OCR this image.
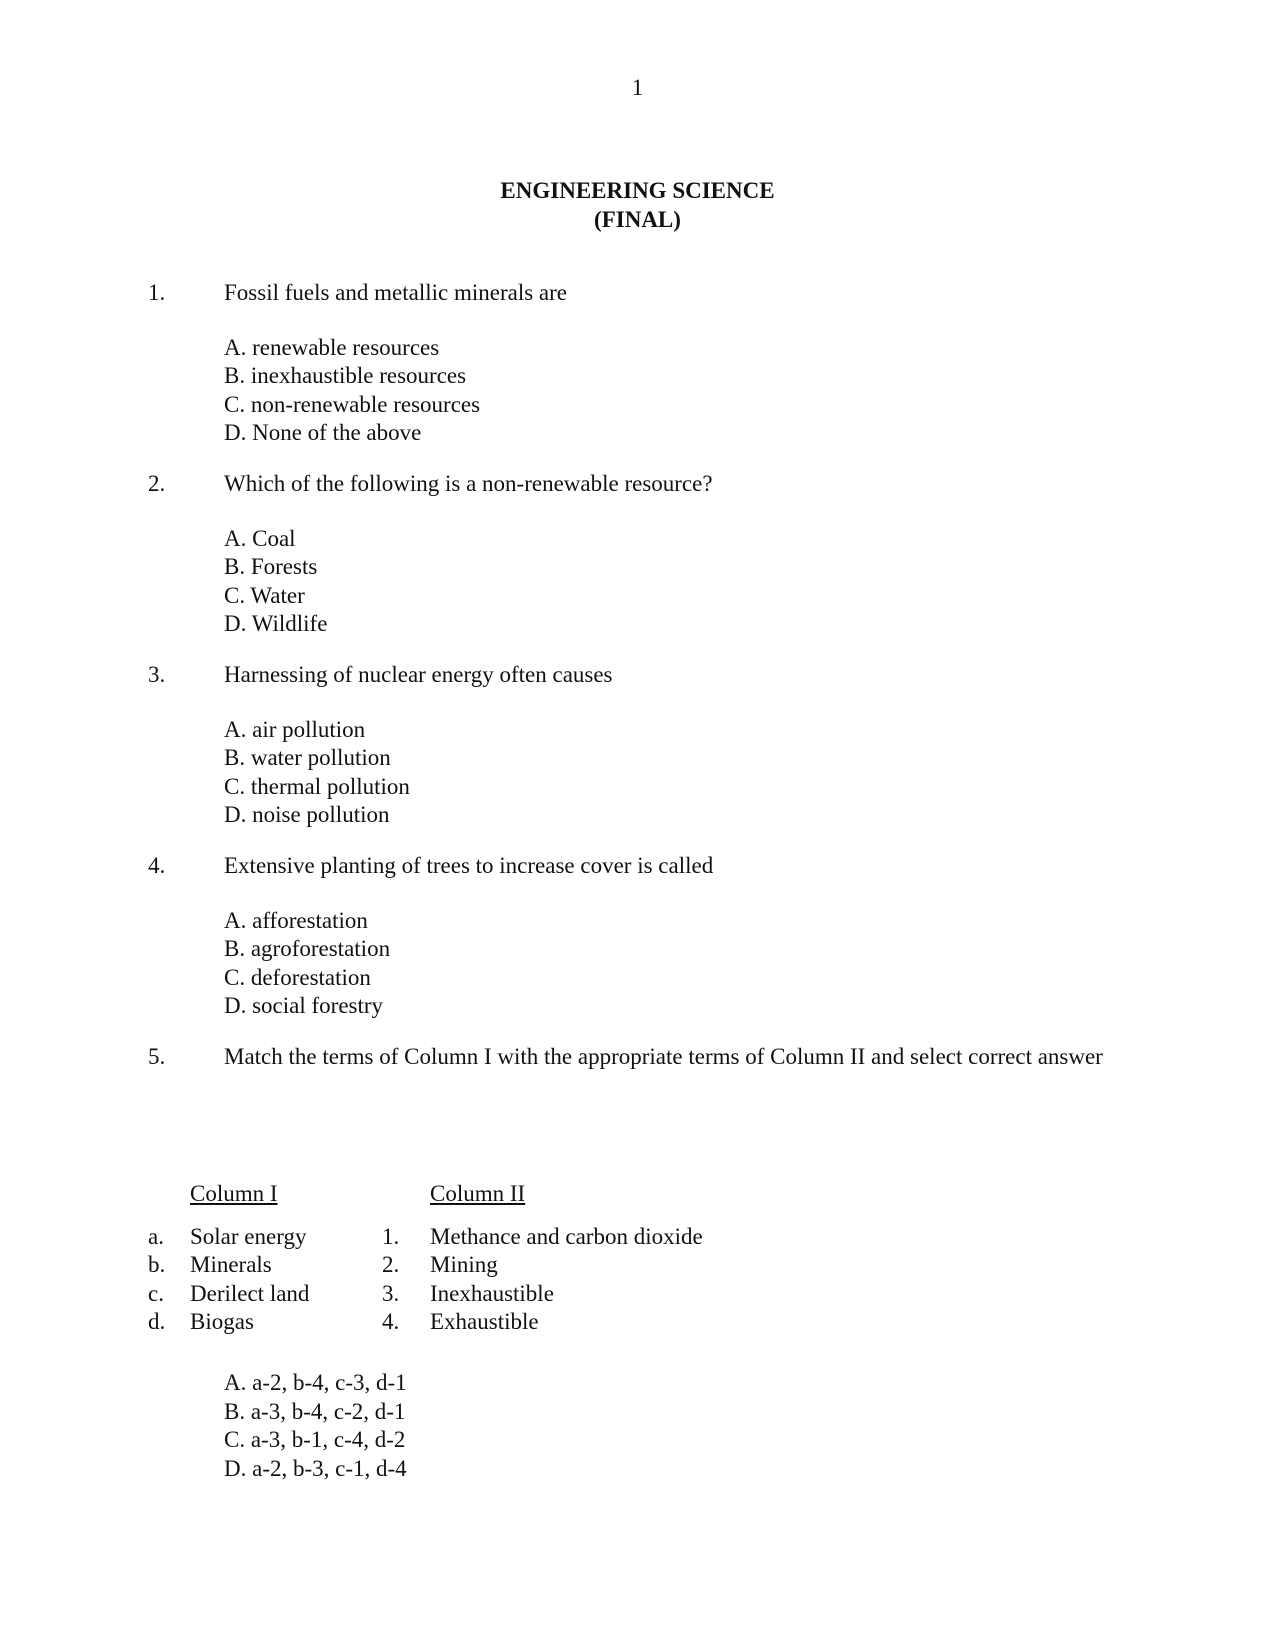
1
ENGINEERING SCIENCE
(FINAL)
1.	Fossil fuels and metallic minerals are
A. renewable resources
B. inexhaustible resources
C. non-renewable resources
D. None of the above
2.	Which of the following is a non-renewable resource?
A. Coal
B. Forests
C. Water
D. Wildlife
3.	Harnessing of nuclear energy often causes
A. air pollution
B. water pollution
C. thermal pollution
D. noise pollution
4.	Extensive planting of trees to increase cover is called
A. afforestation
B. agroforestation
C. deforestation
D. social forestry
5.	Match the terms of Column I with the appropriate terms of Column II and select correct answer
Column I	Column II
a.	Solar energy	1.	Methance and carbon dioxide
b.	Minerals	2.	Mining
c.	Derilect land	3.	Inexhaustible
d.	Biogas	4.	Exhaustible
A. a-2, b-4, c-3, d-1
B. a-3, b-4, c-2, d-1
C. a-3, b-1, c-4, d-2
D. a-2, b-3, c-1, d-4
